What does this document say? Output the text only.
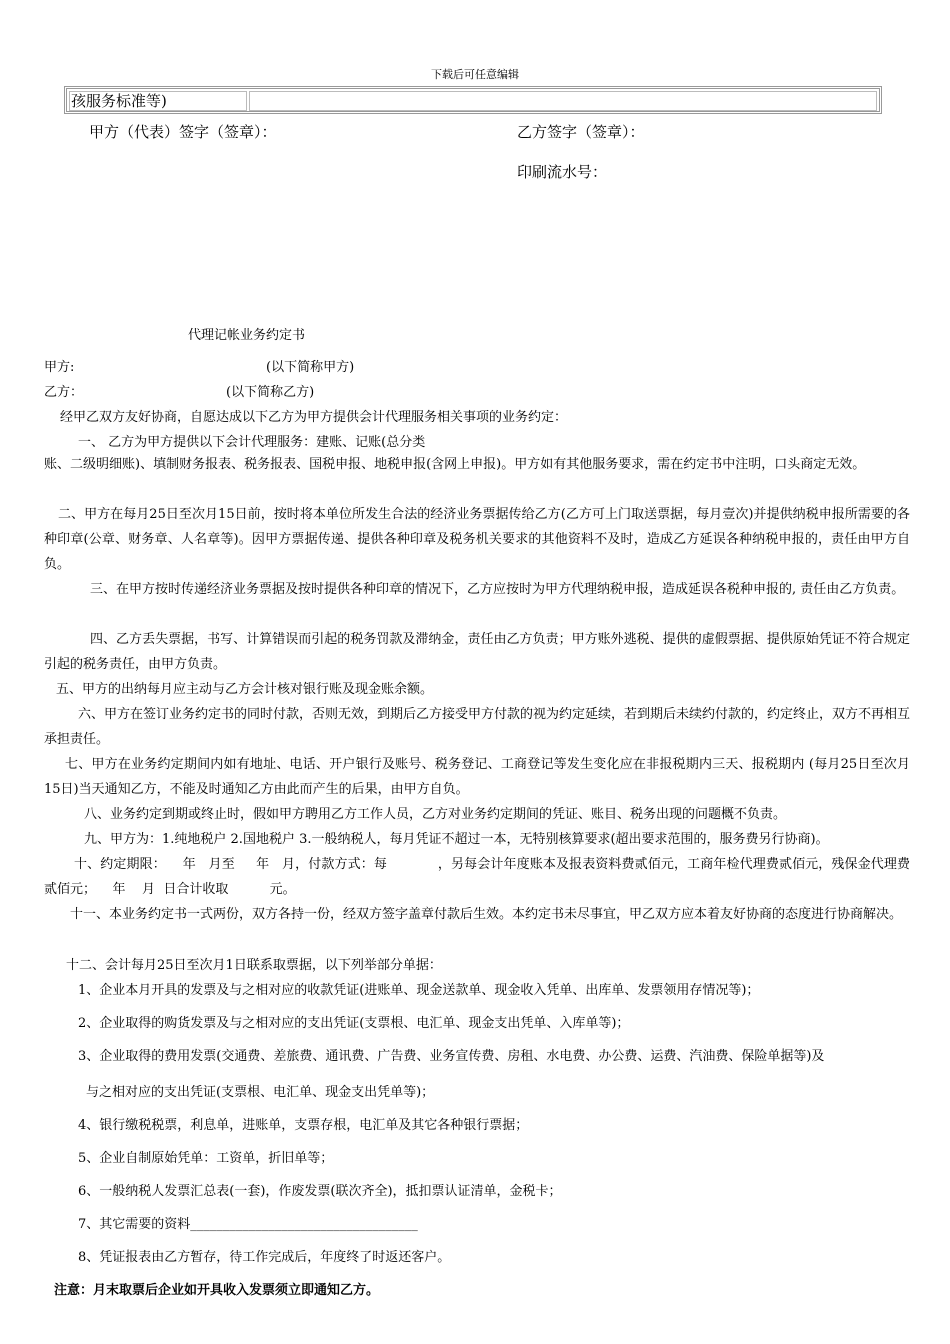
下载后可任意编辑
孩服务标准等)
甲方（代表）签字（签章）：	乙方签字（签章）：
印刷流水号：
代理记帐业务约定书
甲方:	(以下简称甲方)
乙方：	(以下简称乙方)
经甲乙双方友好协商，自愿达成以下乙方为甲方提供会计代理服务相关事项的业务约定：
一、 乙方为甲方提供以下会计代理服务：建账、记账(总分类
账、二级明细账)、填制财务报表、税务报表、国税申报、地税申报(含网上申报)。甲方如有其他服务要求，需在约定书中注明，口头商定无效。
二、甲方在每月25日至次月15日前，按时将本单位所发生合法的经济业务票据传给乙方(乙方可上门取送票据，每月壹次)并提供纳税申报所需要的各种印章(公章、财务章、人名章等)。因甲方票据传递、提供各种印章及税务机关要求的其他资料不及时，造成乙方延误各种纳税申报的，责任由甲方自负。
三、在甲方按时传递经济业务票据及按时提供各种印章的情况下，乙方应按时为甲方代理纳税申报，造成延误各税种申报的, 责任由乙方负责。
四、乙方丢失票据，书写、计算错误而引起的税务罚款及滞纳金，责任由乙方负责；甲方账外逃税、提供的虚假票据、提供原始凭证不符合规定引起的税务责任，由甲方负责。
五、甲方的出纳每月应主动与乙方会计核对银行账及现金账余额。
六、甲方在签订业务约定书的同时付款，否则无效，到期后乙方接受甲方付款的视为约定延续，若到期后未续约付款的，约定终止，双方不再相互承担责任。
七、甲方在业务约定期间内如有地址、电话、开户银行及账号、税务登记、工商登记等发生变化应在非报税期内三天、报税期内 (每月25日至次月15日)当天通知乙方，不能及时通知乙方由此而产生的后果，由甲方自负。
八、业务约定到期或终止时，假如甲方聘用乙方工作人员，乙方对业务约定期间的凭证、账目、税务出现的问题概不负责。
九、甲方为：1.纯地税户 2.国地税户 3.一般纳税人，每月凭证不超过一本，无特别核算要求(超出要求范围的，服务费另行协商)。
十、约定期限：    年   月至     年   月，付款方式：每            ，另每会计年度账本及报表资料费贰佰元，工商年检代理费贰佰元，残保金代理费贰佰元；    年    月  日合计收取          元。
十一、本业务约定书一式两份，双方各持一份，经双方签字盖章付款后生效。本约定书未尽事宜，甲乙双方应本着友好协商的态度进行协商解决。
十二、会计每月25日至次月1日联系取票据，以下列举部分单据：
1、企业本月开具的发票及与之相对应的收款凭证(进账单、现金送款单、现金收入凭单、出库单、发票领用存情况等)；
2、企业取得的购货发票及与之相对应的支出凭证(支票根、电汇单、现金支出凭单、入库单等)；
3、企业取得的费用发票(交通费、差旅费、通讯费、广告费、业务宣传费、房租、水电费、办公费、运费、汽油费、保险单据等)及
与之相对应的支出凭证(支票根、电汇单、现金支出凭单等)；
4、银行缴税税票，利息单，进账单，支票存根，电汇单及其它各种银行票据；
5、企业自制原始凭单：工资单，折旧单等；
6、一般纳税人发票汇总表(一套)，作废发票(联次齐全)，抵扣票认证清单，金税卡；
7、其它需要的资料___________________________________
8、凭证报表由乙方暂存，待工作完成后，年度终了时返还客户。
注意：月末取票后企业如开具收入发票须立即通知乙方。
